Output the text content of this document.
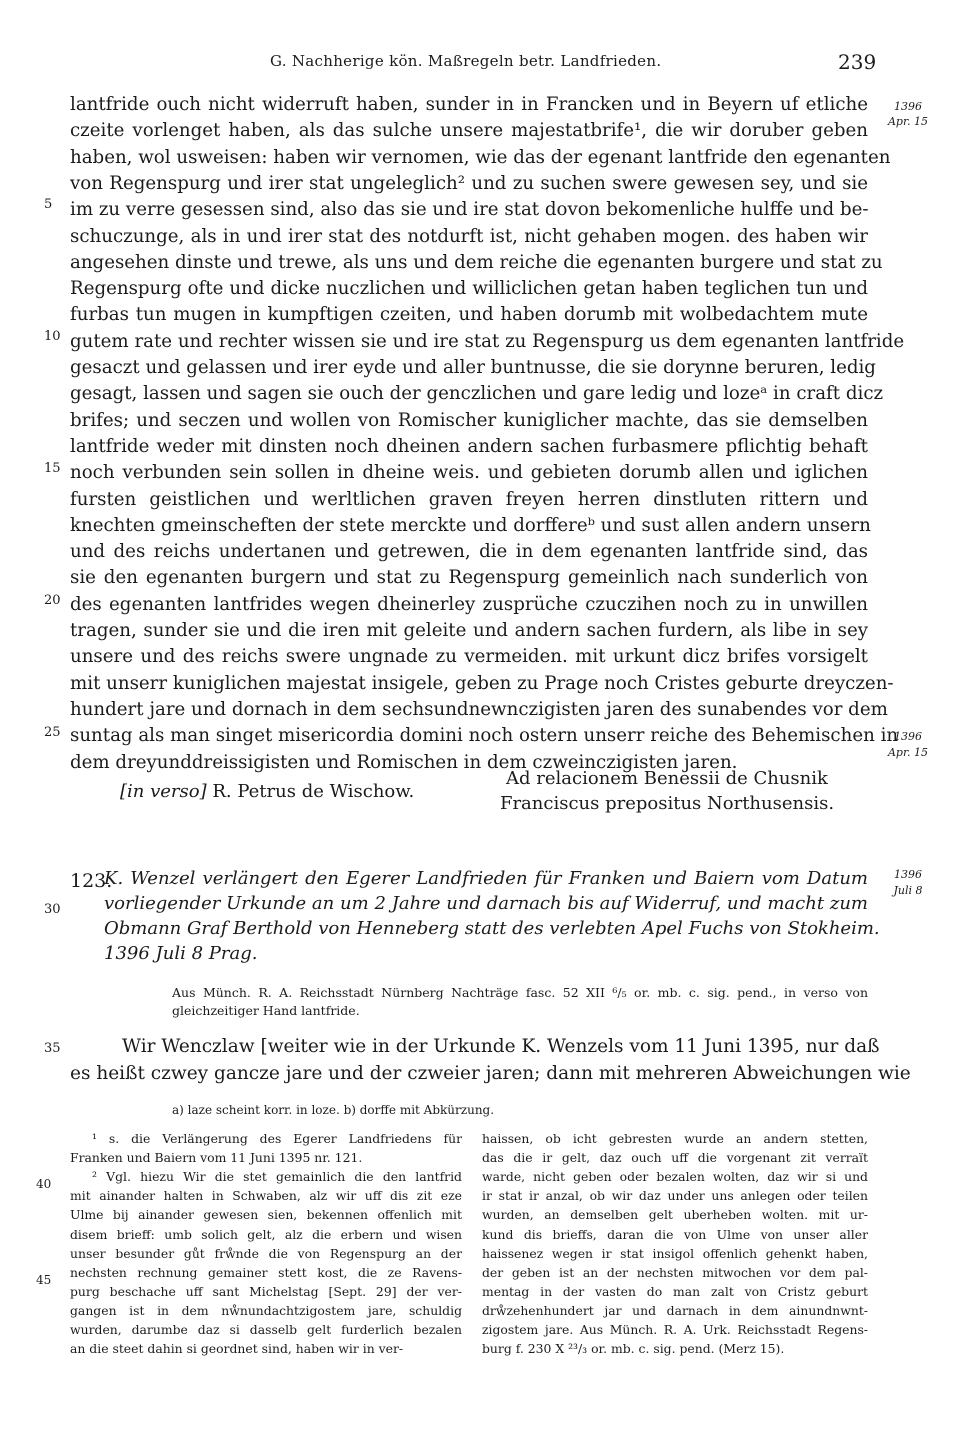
G. Nachherige kön. Maßregeln betr. Landfrieden.	239
lantfride ouch nicht widerruft haben, sunder in in Francken und in Beyern uf etliche
czeite vorlenget haben, als das sulche unsere majestatbrife¹, die wir doruber geben
haben, wol usweisen: haben wir vernomen, wie das der egenant lantfride den egenanten
von Regenspurg und irer stat ungeleglich² und zu suchen swere gewesen sey, und sie
im zu verre gesessen sind, also das sie und ire stat dovon bekomenliche hulffe und be-
schuczunge, als in und irer stat des notdurft ist, nicht gehaben mogen. des haben wir
angesehen dinste und trewe, als uns und dem reiche die egenanten burgere und stat zu
Regenspurg ofte und dicke nuczlichen und williclichen getan haben teglichen tun und
furbas tun mugen in kumpftigen czeiten, und haben dorumb mit wolbedachtem mute
gutem rate und rechter wissen sie und ire stat zu Regenspurg us dem egenanten lantfride
gesaczt und gelassen und irer eyde und aller buntnusse, die sie dorynne beruren, ledig
gesagt, lassen und sagen sie ouch der genczlichen und gare ledig und lozeᵃ in craft dicz
brifes; und seczen und wollen von Romischer kuniglicher machte, das sie demselben
lantfride weder mit dinsten noch dheinen andern sachen furbasmere pflichtig behaft
noch verbunden sein sollen in dheine weis. und gebieten dorumb allen und iglichen
fursten geistlichen und werltlichen graven freyen herren dinstluten rittern und
knechten gmeinscheften der stete merckte und dorffereᵇ und sust allen andern unsern
und des reichs undertanen und getrewen, die in dem egenanten lantfride sind, das
sie den egenanten burgern und stat zu Regenspurg gemeinlich nach sunderlich von
des egenanten lantfrides wegen dheinerley zusprüche czuczihen noch zu in unwillen
tragen, sunder sie und die iren mit geleite und andern sachen furdern, als libe in sey
unsere und des reichs swere ungnade zu vermeiden. mit urkunt dicz brifes vorsigelt
mit unserr kuniglichen majestat insigele, geben zu Prage noch Cristes geburte dreyczen-
hundert jare und dornach in dem sechsundnewnczigisten jaren des sunabendes vor dem
suntag als man singet misericordia domini noch ostern unserr reiche des Behemischen in
dem dreyunddreissigisten und Romischen in dem czweinczigisten jaren.
5
10
15
20
25
30
35
40
45
1396
Apr. 15
1396
Apr. 15
1396
Juli 8
[in verso] R. Petrus de Wischow.
Ad relacionem Benessii de Chusnik
Franciscus prepositus Northusensis.
123.
K. Wenzel verlängert den Egerer Landfrieden für Franken und Baiern vom Datum
vorliegender Urkunde an um 2 Jahre und darnach bis auf Widerruf, und macht zum
Obmann Graf Berthold von Henneberg statt des verlebten Apel Fuchs von Stokheim.
1396 Juli 8 Prag.
Aus Münch. R. A. Reichsstadt Nürnberg Nachträge fasc. 52 XII ⁶/₅ or. mb. c. sig. pend., in verso von
gleichzeitiger Hand lantfride.
Wir Wenczlaw [weiter wie in der Urkunde K. Wenzels vom 11 Juni 1395, nur daß
es heißt czwey gancze jare und der czweier jaren; dann mit mehreren Abweichungen wie
a) laze scheint korr. in loze. b) dorffe mit Abkürzung.
¹ s. die Verlängerung des Egerer Landfriedens für
Franken und Baiern vom 11 Juni 1395 nr. 121.
² Vgl. hiezu Wir die stet gemainlich die den lantfrid
mit ainander halten in Schwaben, alz wir uff dis zit eze
Ulme bij ainander gewesen sien, bekennen offenlich mit
disem brieff: umb solich gelt, alz die erbern und wisen
unser besunder gůt frẘnde die von Regenspurg an der
nechsten rechnung gemainer stett kost, die ze Ravens-
purg beschache uff sant Michelstag [Sept. 29] der ver-
gangen ist in dem nẘnundachtzigostem jare, schuldig
wurden, darumbe daz si dasselb gelt furderlich bezalen
an die steet dahin si geordnet sind, haben wir in ver-
haissen, ob icht gebresten wurde an andern stetten,
das die ir gelt, daz ouch uff die vorgenant zit verraït
warde, nicht geben oder bezalen wolten, daz wir si und
ir stat ir anzal, ob wir daz under uns anlegen oder teilen
wurden, an demselben gelt uberheben wolten. mit ur-
kund dis brieffs, daran die von Ulme von unser aller
haissenez wegen ir stat insigol offenlich gehenkt haben,
der geben ist an der nechsten mitwochen vor dem pal-
mentag in der vasten do man zalt von Cristz geburt
drẘzehenhundert jar und darnach in dem ainundnwnt-
zigostem jare. Aus Münch. R. A. Urk. Reichsstadt Regens-
burg f. 230 X ²³/₃ or. mb. c. sig. pend. (Merz 15).
